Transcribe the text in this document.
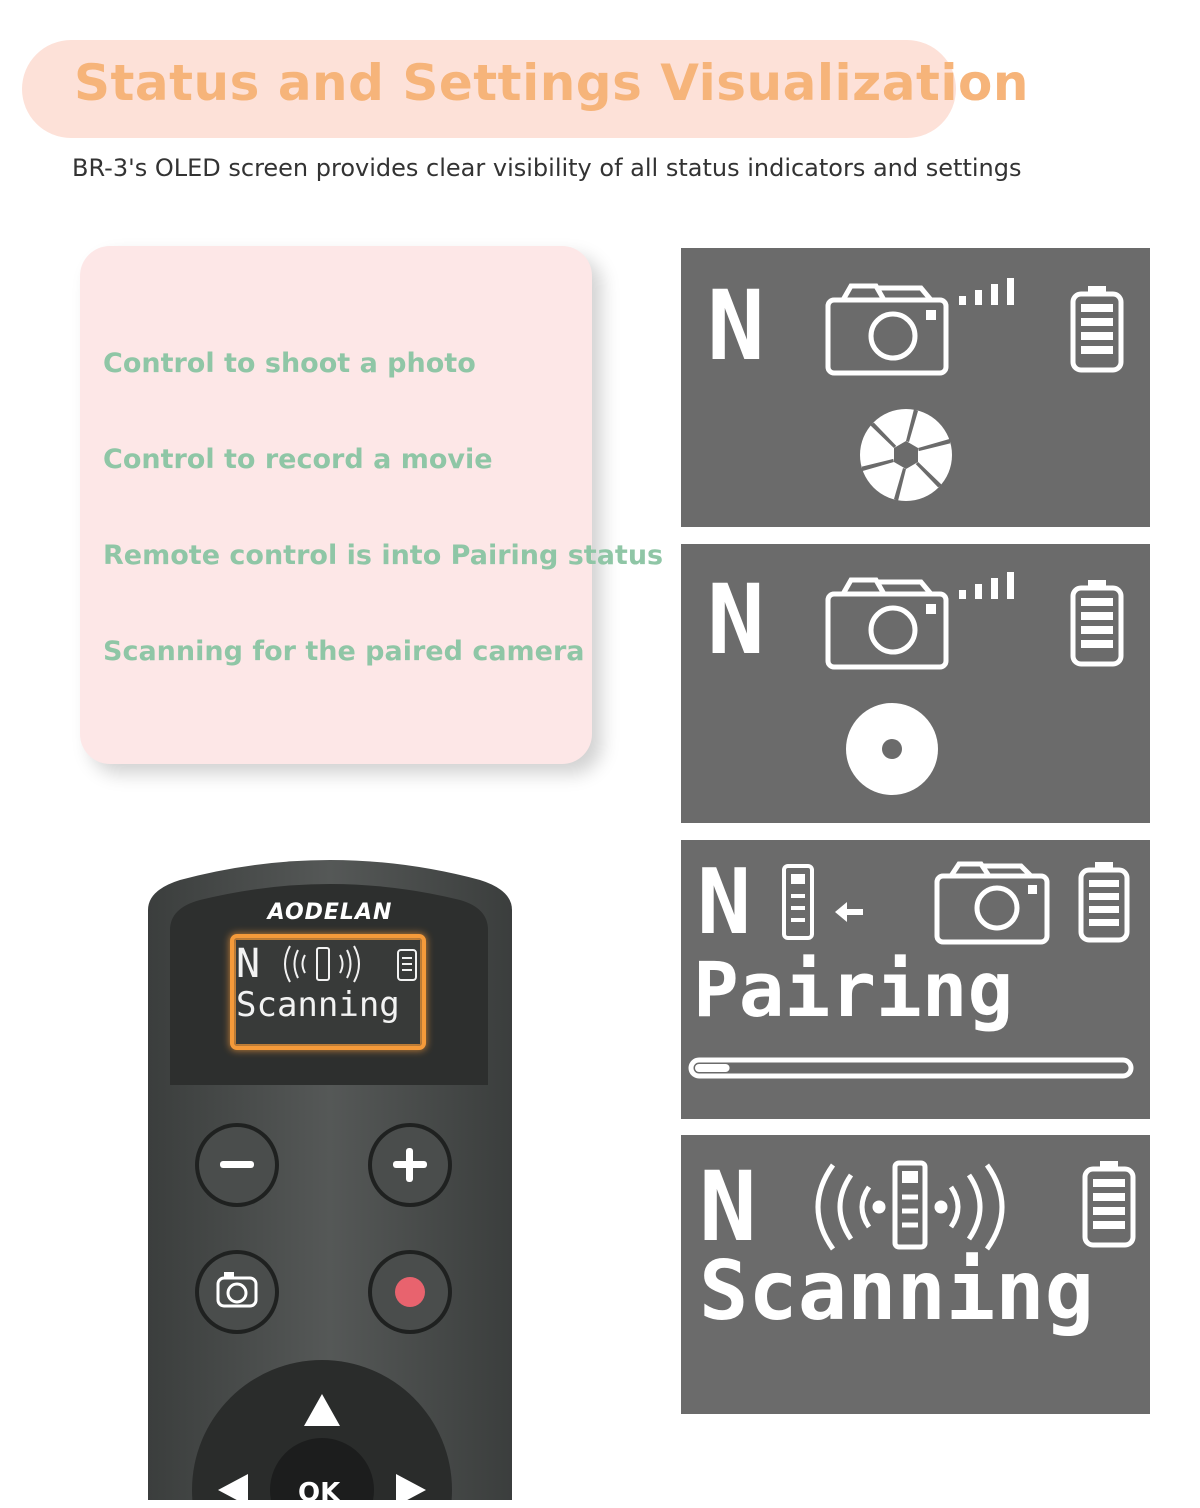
Status and Settings Visualization
BR-3's OLED screen provides clear visibility of all status indicators and settings
Control to shoot a photo
Control to record a movie
Remote control is into Pairing status
Scanning for the paired camera
N
N
N
Pairing
N
Scanning
AODELAN
N
Scanning
OK
